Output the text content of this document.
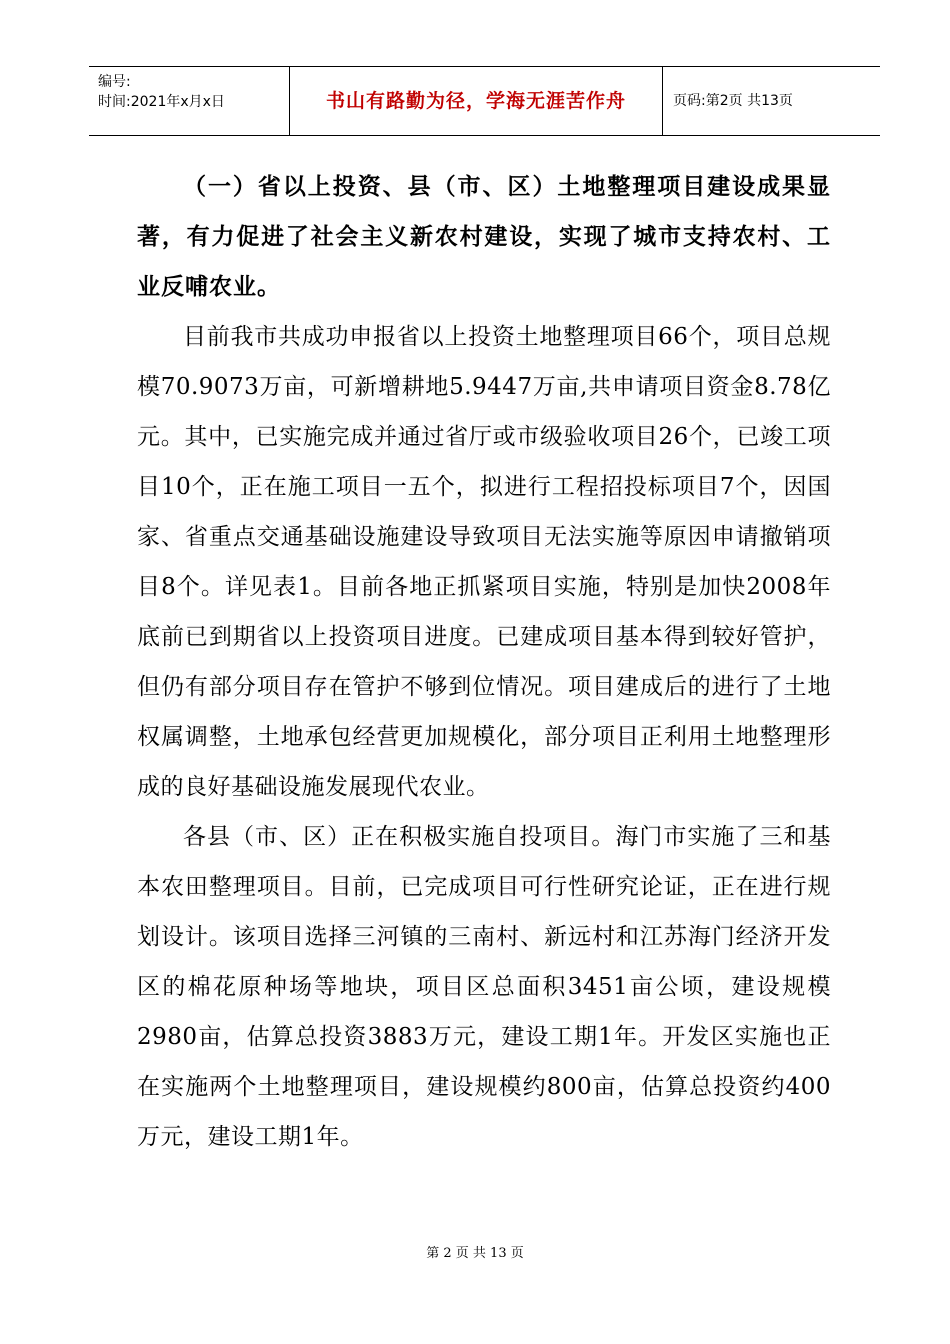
编号:
时间:2021年x月x日	书山有路勤为径，学海无涯苦作舟	页码:第2页 共13页

（一）省以上投资、县（市、区）土地整理项目建设成果显著，有力促进了社会主义新农村建设，实现了城市支持农村、工业反哺农业。

目前我市共成功申报省以上投资土地整理项目66个，项目总规模70.9073万亩，可新增耕地5.9447万亩,共申请项目资金8.78亿元。其中，已实施完成并通过省厅或市级验收项目26个，已竣工项目10个，正在施工项目一五个，拟进行工程招投标项目7个，因国家、省重点交通基础设施建设导致项目无法实施等原因申请撤销项目8个。详见表1。目前各地正抓紧项目实施，特别是加快2008年底前已到期省以上投资项目进度。已建成项目基本得到较好管护，但仍有部分项目存在管护不够到位情况。项目建成后的进行了土地权属调整，土地承包经营更加规模化，部分项目正利用土地整理形成的良好基础设施发展现代农业。

各县（市、区）正在积极实施自投项目。海门市实施了三和基本农田整理项目。目前，已完成项目可行性研究论证，正在进行规划设计。该项目选择三河镇的三南村、新远村和江苏海门经济开发区的棉花原种场等地块，项目区总面积3451亩公顷，建设规模2980亩，估算总投资3883万元，建设工期1年。开发区实施也正在实施两个土地整理项目，建设规模约800亩，估算总投资约400万元，建设工期1年。

第 2 页 共 13 页
